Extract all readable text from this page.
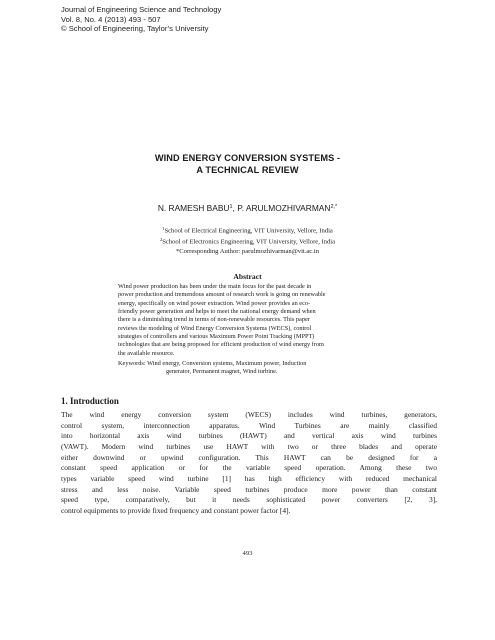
Journal of Engineering Science and Technology
Vol. 8, No. 4 (2013) 493 - 507
© School of Engineering, Taylor’s University
WIND ENERGY CONVERSION SYSTEMS -
A TECHNICAL REVIEW
N. RAMESH BABU$^1$, P. $ARULMOZHIVARMAN^{2,*}$
$^1$School of Electrical Engineering, VIT University, Vellore, India
$^2$School of Electronics Engineering, VIT University, Vellore, India
*Corresponding Author: parulmozhivarman@vit.ac.in
Abstract
Wind power production has been under the main focus for the past decade in
power production and tremendous amount of research work is going on renewable
energy, specifically on wind power extraction. Wind power provides an eco-
friendly power generation and helps to meet the national energy demand when
there is a diminishing trend in terms of non-renewable resources. This paper
reviews the modeling of Wind Energy Conversion Systems (WECS), control
strategies of controllers and various Maximum Power Point Tracking (MPPT)
technologies that are being proposed for efficient production of wind energy from
the available resource.
Keywords: Wind energy, Conversion systems, Maximum power, Induction
generator, Permanent magnet, Wind turbine.
1. Introduction
The wind energy conversion system (WECS) includes wind turbines, generators,
control system, interconnection apparatus. Wind Turbines are mainly classified
into horizontal axis wind turbines (HAWT) and vertical axis wind turbines
(VAWT). Modern wind turbines use HAWT with two or three blades and operate
either downwind or upwind configuration. This HAWT can be designed for a
constant speed application or for the variable speed operation. Among these two
types variable speed wind turbine [1] has high efficiency with reduced mechanical
stress and less noise. Variable speed turbines produce more power than constant
speed type, comparatively, but it needs sophisticated power converters [2, 3],
control equipments to provide fixed frequency and constant power factor [4].
493
